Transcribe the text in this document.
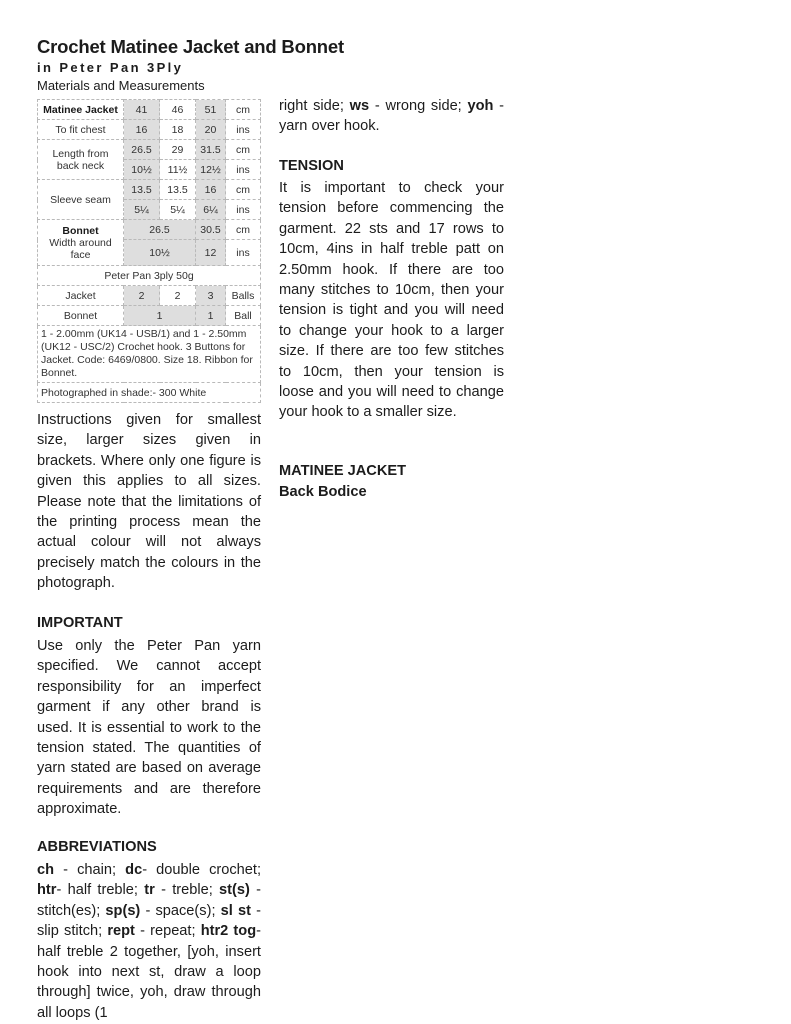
Crochet Matinee Jacket and Bonnet
in Peter Pan 3Ply
Materials and Measurements
Matinee Jacket	41	46	51	cm
To fit chest	16	18	20	ins
Length from
back neck	26.5	29	31.5	cm
	10½	11½	12½	ins
Sleeve seam	13.5	13.5	16	cm
	5¼	5¼	6¼	ins
Bonnet
Width around
face	26.5		30.5	cm
	10½		12	ins
Peter Pan 3ply 50g				
Jacket	2	2	3	Balls
Bonnet	1		1	Ball
1 - 2.00mm (UK14 - USB/1) and 1 - 2.50mm (UK12 - USC/2) Crochet hook. 3 Buttons for Jacket. Code: 6469/0800. Size 18. Ribbon for Bonnet.				
Photographed in shade:- 300 White				

Instructions given for smallest size, larger sizes given in brackets. Where only one figure is given this applies to all sizes. Please note that the limitations of the printing process mean the actual colour will not always precisely match the colours in the photograph.

IMPORTANT

Use only the Peter Pan yarn specified. We cannot accept responsibility for an imperfect garment if any other brand is used. It is essential to work to the tension stated. The quantities of yarn stated are based on average requirements and are therefore approximate.

ABBREVIATIONS

ch - chain; dc- double crochet; htr- half treble; tr - treble; st(s) - stitch(es); sp(s) - space(s); sl st - slip stitch; rept - repeat; htr2 tog- half treble 2 together, [yoh, insert hook into next st, draw a loop through] twice, yoh, draw through all loops (1

right side; ws - wrong side; yoh - yarn over hook.

TENSION

It is important to check your tension before commencing the garment. 22 sts and 17 rows to 10cm, 4ins in half treble patt on 2.50mm hook. If there are too many stitches to 10cm, then your tension is tight and you will need to change your hook to a larger size. If there are too few stitches to 10cm, then your tension is loose and you will need to change your hook to a smaller size.

MATINEE JACKET
Back Bodice
